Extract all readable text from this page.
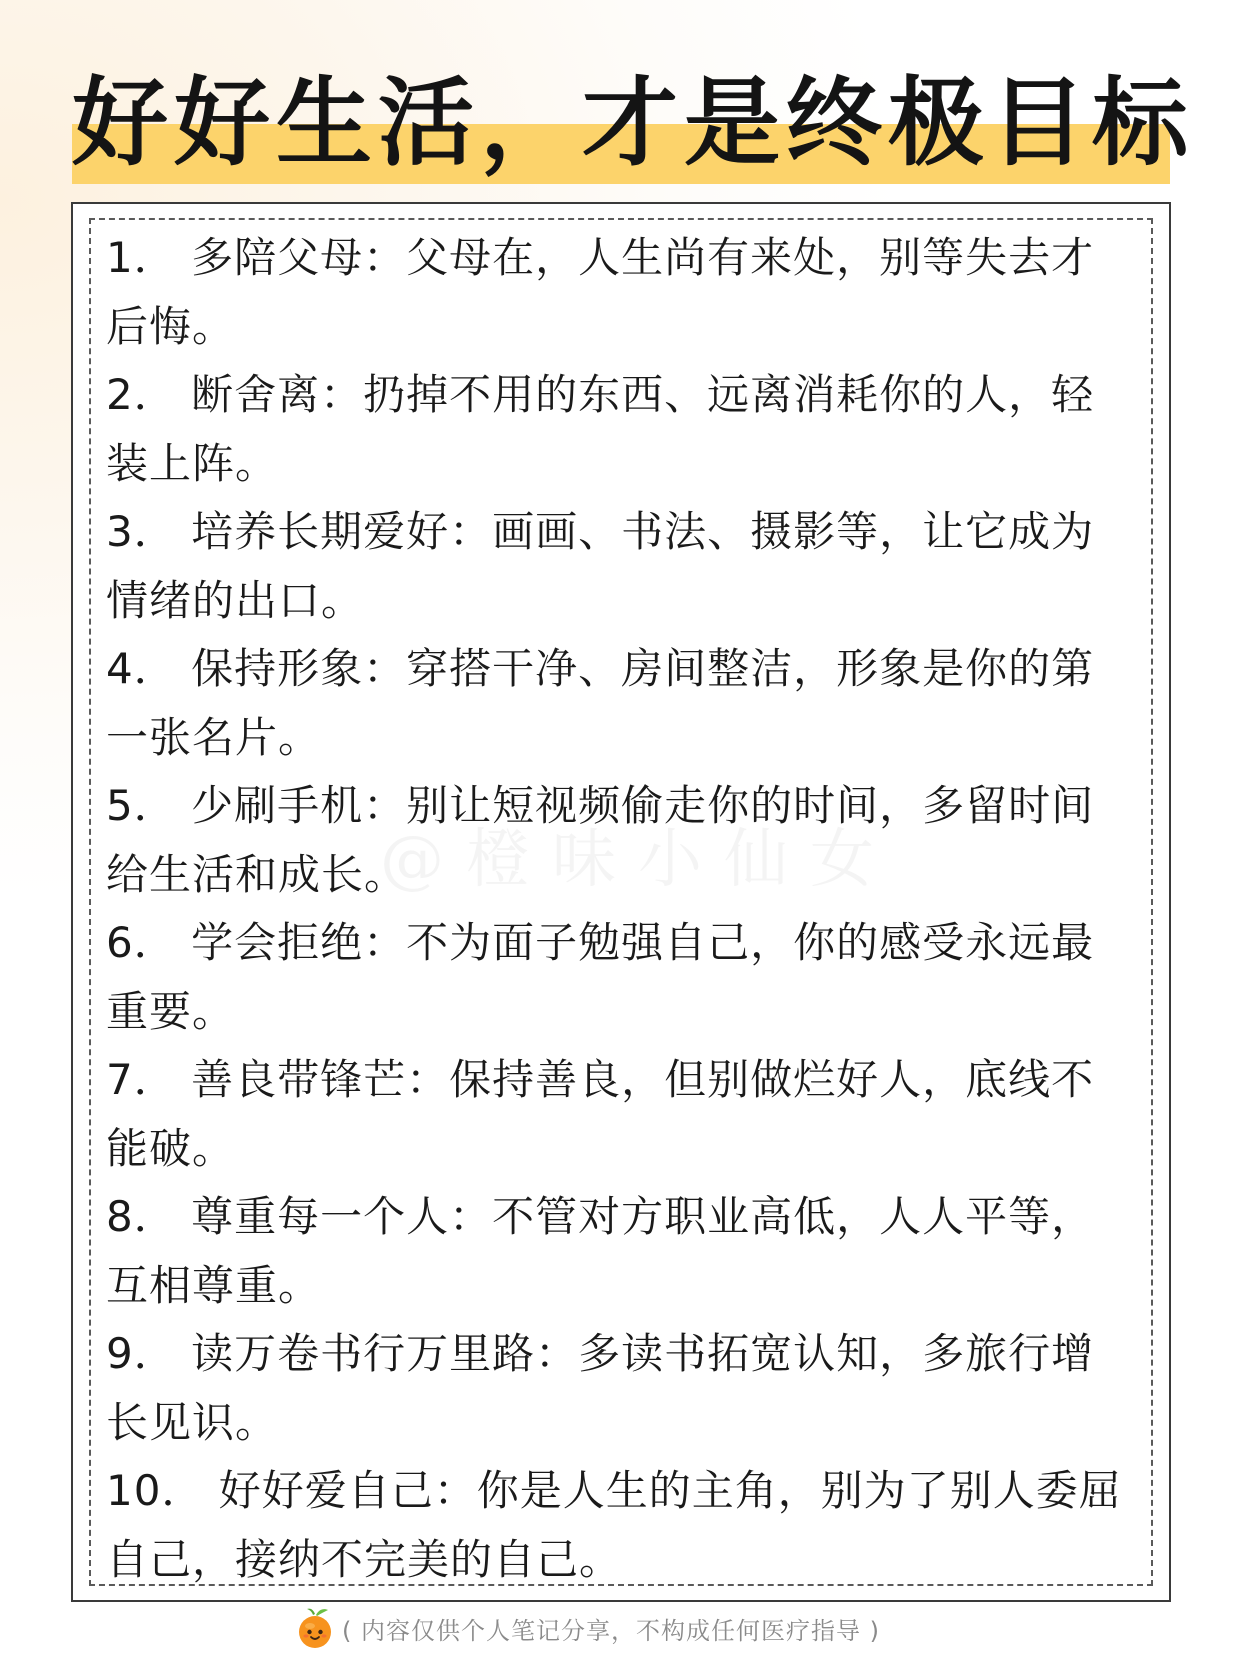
好好生活，才是终极目标
@橙味小仙女
1． 多陪父母：父母在，人生尚有来处，别等失去才后悔。
2． 断舍离：扔掉不用的东西、远离消耗你的人，轻装上阵。
3． 培养长期爱好：画画、书法、摄影等，让它成为情绪的出口。
4． 保持形象：穿搭干净、房间整洁，形象是你的第一张名片。
5． 少刷手机：别让短视频偷走你的时间，多留时间给生活和成长。
6． 学会拒绝：不为面子勉强自己，你的感受永远最重要。
7． 善良带锋芒：保持善良，但别做烂好人，底线不能破。
8． 尊重每一个人：不管对方职业高低，人人平等，互相尊重。
9． 读万卷书行万里路：多读书拓宽认知，多旅行增长见识。
10． 好好爱自己：你是人生的主角，别为了别人委屈自己，接纳不完美的自己。
( 内容仅供个人笔记分享，不构成任何医疗指导 )
